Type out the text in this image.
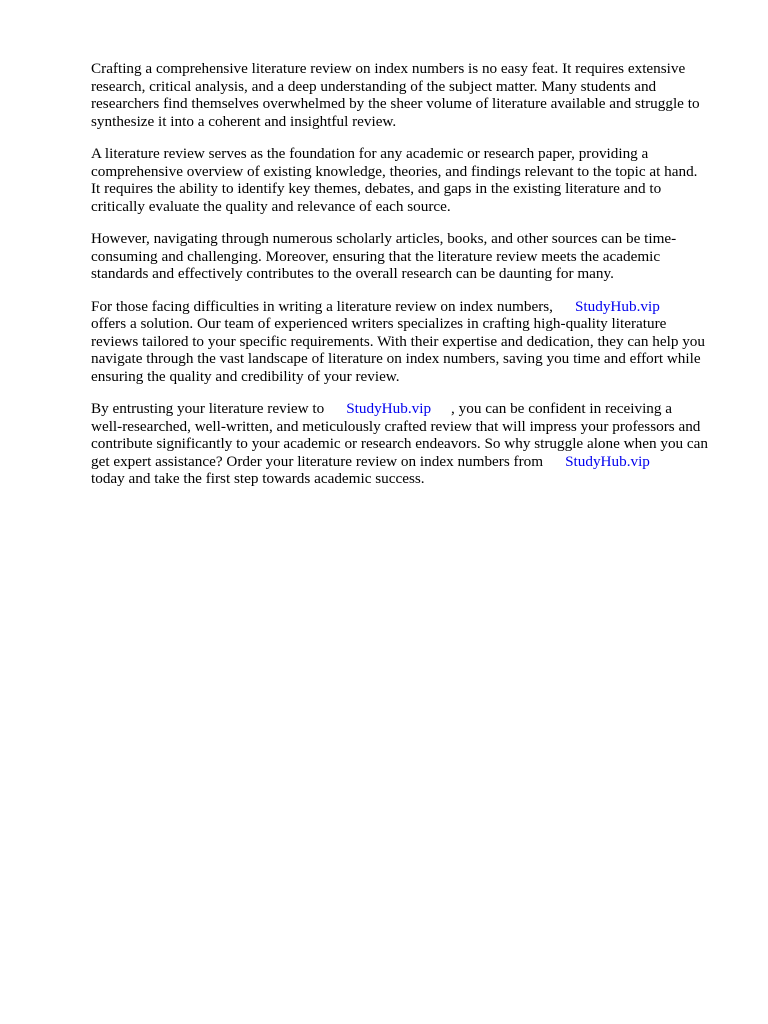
Crafting a comprehensive literature review on index numbers is no easy feat. It requires extensive
research, critical analysis, and a deep understanding of the subject matter. Many students and
researchers find themselves overwhelmed by the sheer volume of literature available and struggle to
synthesize it into a coherent and insightful review.

A literature review serves as the foundation for any academic or research paper, providing a
comprehensive overview of existing knowledge, theories, and findings relevant to the topic at hand.
It requires the ability to identify key themes, debates, and gaps in the existing literature and to
critically evaluate the quality and relevance of each source.

However, navigating through numerous scholarly articles, books, and other sources can be time-
consuming and challenging. Moreover, ensuring that the literature review meets the academic
standards and effectively contributes to the overall research can be daunting for many.

For those facing difficulties in writing a literature review on index numbers, StudyHub.vip
offers a solution. Our team of experienced writers specializes in crafting high-quality literature
reviews tailored to your specific requirements. With their expertise and dedication, they can help you
navigate through the vast landscape of literature on index numbers, saving you time and effort while
ensuring the quality and credibility of your review.

By entrusting your literature review to StudyHub.vip , you can be confident in receiving a
well-researched, well-written, and meticulously crafted review that will impress your professors and
contribute significantly to your academic or research endeavors. So why struggle alone when you can
get expert assistance? Order your literature review on index numbers from StudyHub.vip
today and take the first step towards academic success.
